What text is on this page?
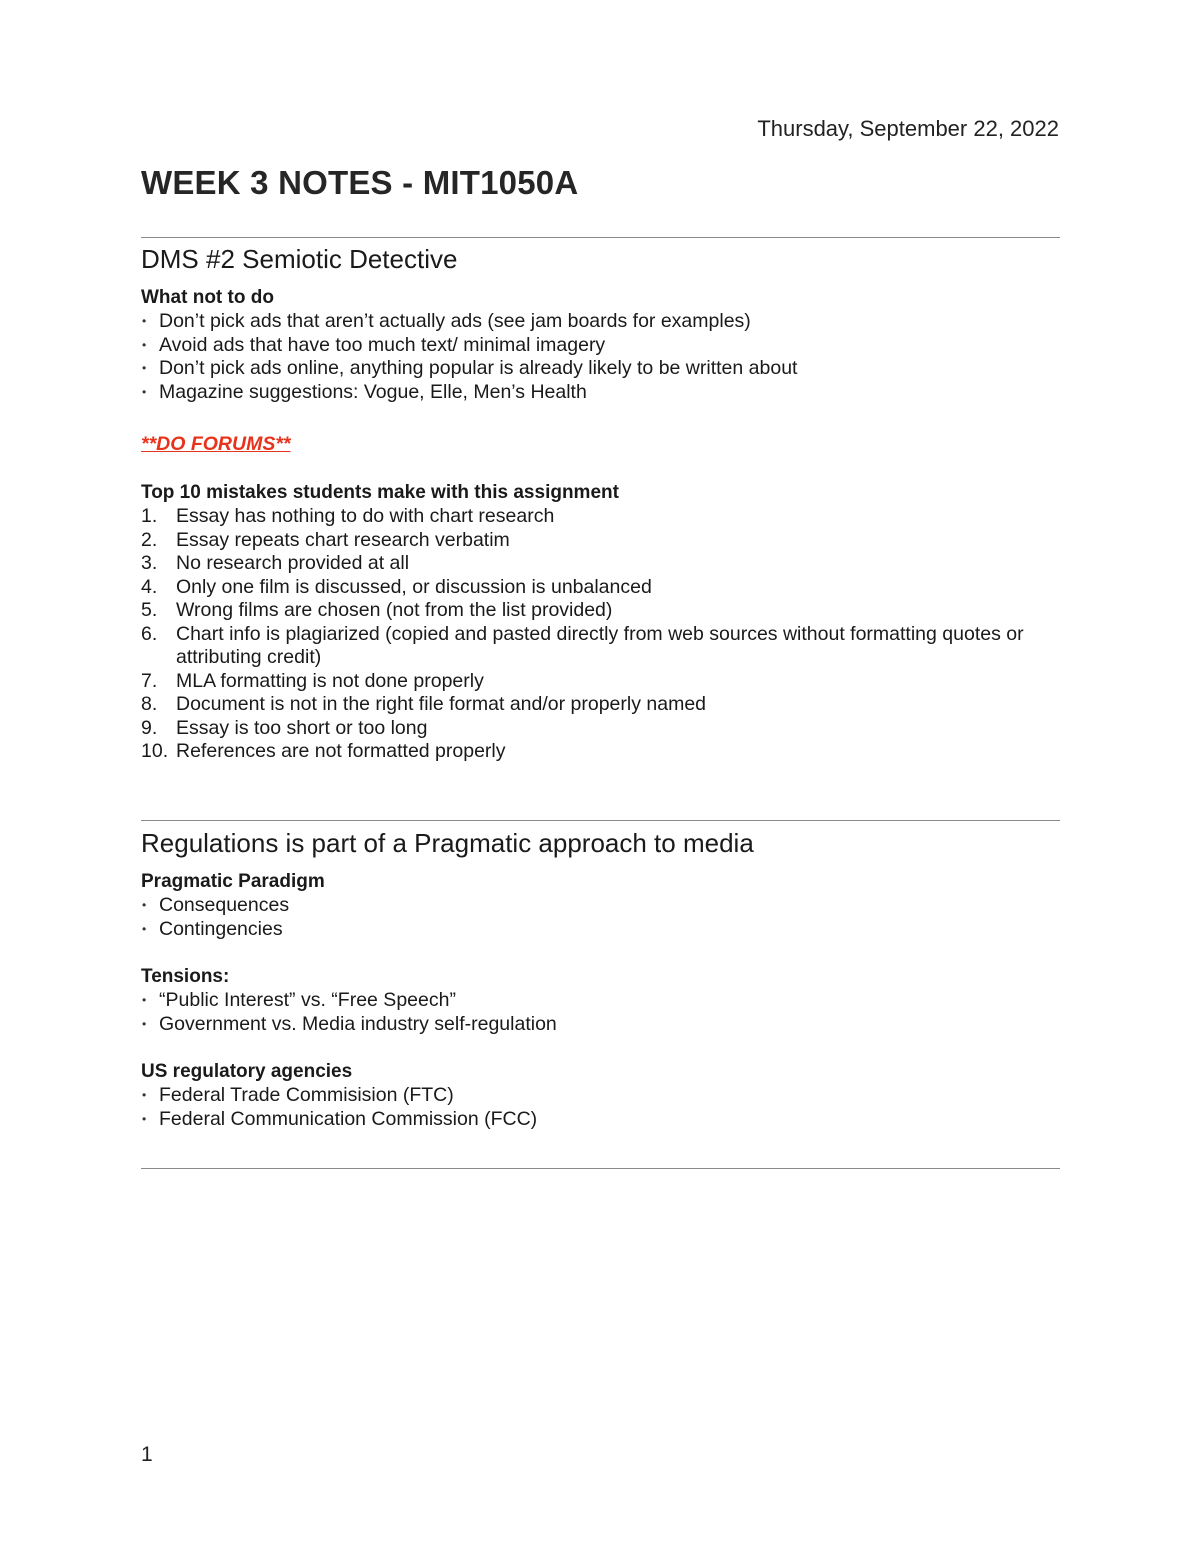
Thursday, September 22, 2022
WEEK 3 NOTES - MIT1050A
DMS #2 Semiotic Detective
What not to do
• Don’t pick ads that aren’t actually ads (see jam boards for examples)
• Avoid ads that have too much text/ minimal imagery
• Don’t pick ads online, anything popular is already likely to be written about
• Magazine suggestions: Vogue, Elle, Men’s Health
**DO FORUMS**
Top 10 mistakes students make with this assignment
1. Essay has nothing to do with chart research
2. Essay repeats chart research verbatim
3. No research provided at all
4. Only one film is discussed, or discussion is unbalanced
5. Wrong films are chosen (not from the list provided)
6. Chart info is plagiarized (copied and pasted directly from web sources without formatting quotes or attributing credit)
7. MLA formatting is not done properly
8. Document is not in the right file format and/or properly named
9. Essay is too short or too long
10. References are not formatted properly
Regulations is part of a Pragmatic approach to media
Pragmatic Paradigm
• Consequences
• Contingencies
Tensions:
• “Public Interest” vs. “Free Speech”
• Government vs. Media industry self-regulation
US regulatory agencies
• Federal Trade Commisision (FTC)
• Federal Communication Commission (FCC)
1
